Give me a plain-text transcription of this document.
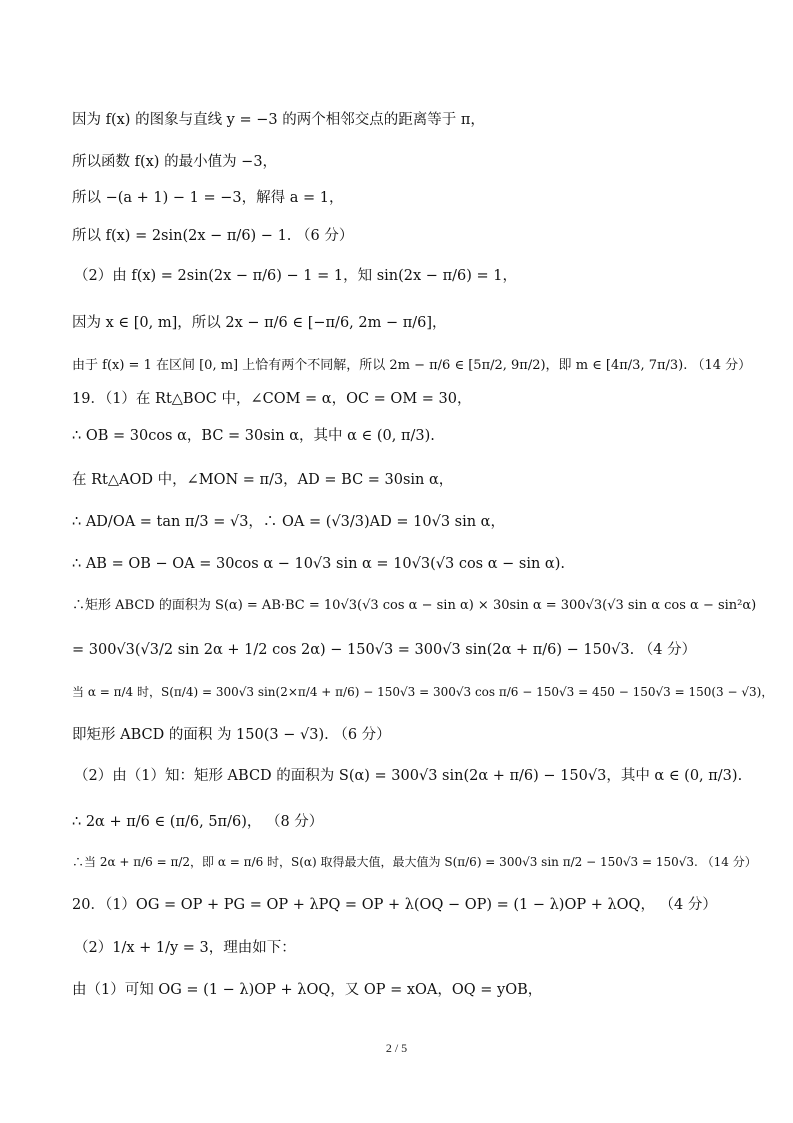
因为 f(x) 的图象与直线 y = −3 的两个相邻交点的距离等于 π，
所以函数 f(x) 的最小值为 −3，
所以 −(a + 1) − 1 = −3，解得 a = 1，
所以 f(x) = 2sin(2x − π/6) − 1. （6 分）
（2）由 f(x) = 2sin(2x − π/6) − 1 = 1，知 sin(2x − π/6) = 1，
因为 x ∈ [0, m]，所以 2x − π/6 ∈ [−π/6, 2m − π/6]，
由于 f(x) = 1 在区间 [0, m] 上恰有两个不同解，所以 2m − π/6 ∈ [5π/2, 9π/2)，即 m ∈ [4π/3, 7π/3). （14 分）
19．（1）在 Rt△BOC 中，∠COM = α，OC = OM = 30，
∴ OB = 30cos α，BC = 30sin α，其中 α ∈ (0, π/3).
在 Rt△AOD 中，∠MON = π/3，AD = BC = 30sin α，
∴ AD/OA = tan π/3 = √3，∴ OA = (√3/3)AD = 10√3 sin α，
∴ AB = OB − OA = 30cos α − 10√3 sin α = 10√3(√3 cos α − sin α).
∴矩形 ABCD 的面积为 S(α) = AB·BC = 10√3(√3 cos α − sin α) × 30sin α = 300√3(√3 sin α cos α − sin²α)
= 300√3(√3/2 sin 2α + 1/2 cos 2α) − 150√3 = 300√3 sin(2α + π/6) − 150√3. （4 分）
当 α = π/4 时，S(π/4) = 300√3 sin(2×π/4 + π/6) − 150√3 = 300√3 cos π/6 − 150√3 = 450 − 150√3 = 150(3 − √3)，
即矩形 ABCD 的面积 为 150(3 − √3). （6 分）
（2）由（1）知：矩形 ABCD 的面积为 S(α) = 300√3 sin(2α + π/6) − 150√3，其中 α ∈ (0, π/3).
∴ 2α + π/6 ∈ (π/6, 5π/6)， （8 分）
∴当 2α + π/6 = π/2，即 α = π/6 时，S(α) 取得最大值，最大值为 S(π/6) = 300√3 sin π/2 − 150√3 = 150√3. （14 分）
20．（1）OG = OP + PG = OP + λPQ = OP + λ(OQ − OP) = (1 − λ)OP + λOQ， （4 分）
（2）1/x + 1/y = 3，理由如下：
由（1）可知 OG = (1 − λ)OP + λOQ，又 OP = xOA，OQ = yOB，
2 / 5
